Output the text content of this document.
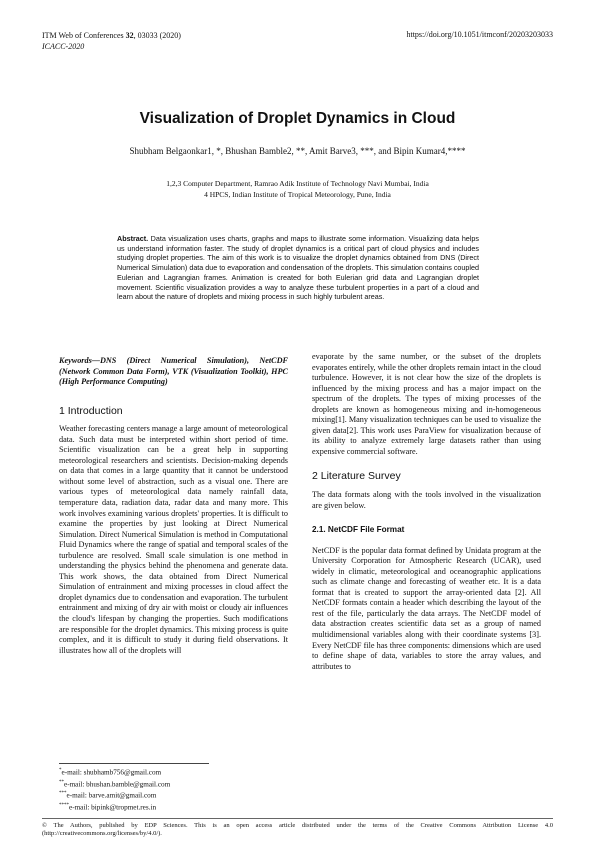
ITM Web of Conferences 32, 03033 (2020)
ICACC-2020
https://doi.org/10.1051/itmconf/20203203033
Visualization of Droplet Dynamics in Cloud
Shubham Belgaonkar1, *, Bhushan Bamble2, **, Amit Barve3, ***, and Bipin Kumar4,****
1,2,3 Computer Department, Ramrao Adik Institute of Technology Navi Mumbai, India
4 HPCS, Indian Institute of Tropical Meteorology, Pune, India
Abstract. Data visualization uses charts, graphs and maps to illustrate some information. Visualizing data helps us understand information faster. The study of droplet dynamics is a critical part of cloud physics and includes studying droplet properties. The aim of this work is to visualize the droplet dynamics obtained from DNS (Direct Numerical Simulation) data due to evaporation and condensation of the droplets. This simulation contains coupled Eulerian and Lagrangian frames. Animation is created for both Eulerian grid data and Lagrangian droplet movement. Scientific visualization provides a way to analyze these turbulent properties in a part of a cloud and learn about the nature of droplets and mixing process in such highly turbulent areas.

Keywords—DNS (Direct Numerical Simulation), NetCDF (Network Common Data Form), VTK (Visualization Toolkit), HPC (High Performance Computing)

1 Introduction

Weather forecasting centers manage a large amount of meteorological data. Such data must be interpreted within short period of time. Scientific visualization can be a great help in supporting meteorological researchers and scientists. Decision-making depends on data that comes in a large quantity that it cannot be understood without some level of abstraction, such as a visual one. There are various types of meteorological data namely rainfall data, temperature data, radiation data, radar data and many more. This work involves examining various droplets' properties. It is difficult to examine the properties by just looking at Direct Numerical Simulation. Direct Numerical Simulation is method in Computational Fluid Dynamics where the range of spatial and temporal scales of the turbulence are resolved. Small scale simulation is one method in understanding the physics behind the phenomena and generate data. This work shows, the data obtained from Direct Numerical Simulation of entrainment and mixing processes in cloud affect the droplet dynamics due to condensation and evaporation. The turbulent entrainment and mixing of dry air with moist or cloudy air influences the cloud's lifespan by changing the properties. Such modifications are responsible for the droplet dynamics. This mixing process is quite complex, and it is difficult to study it during field observations. It illustrates how all of the droplets will

evaporate by the same number, or the subset of the droplets evaporates entirely, while the other droplets remain intact in the cloud turbulence. However, it is not clear how the size of the droplets is influenced by the mixing process and has a major impact on the spectrum of the droplets. The types of mixing processes of the droplets are known as homogeneous mixing and in-homogeneous mixing[1]. Many visualization techniques can be used to visualize the given data[2]. This work uses ParaView for visualization because of its ability to analyze extremely large datasets rather than using expensive commercial software.

2 Literature Survey

The data formats along with the tools involved in the visualization are given below.

2.1. NetCDF File Format

NetCDF is the popular data format defined by Unidata program at the University Corporation for Atmospheric Research (UCAR), used widely in climatic, meteorological and oceanographic applications such as climate change and forecasting of weather etc. It is a data format that is created to support the array-oriented data [2]. All NetCDF formats contain a header which describing the layout of the rest of the file, particularly the data arrays. The NetCDF model of data abstraction creates scientific data set as a group of named multidimensional variables along with their coordinate systems [3]. Every NetCDF file has three components: dimensions which are used to define shape of data, variables to store the array values, and attributes to

*e-mail: shubhamb756@gmail.com
**e-mail: bhushan.bamble@gmail.com
***e-mail: barve.amit@gmail.com
****e-mail: bipink@tropmet.res.in
© The Authors, published by EDP Sciences. This is an open access article distributed under the terms of the Creative Commons Attribution License 4.0 (http://creativecommons.org/licenses/by/4.0/).
